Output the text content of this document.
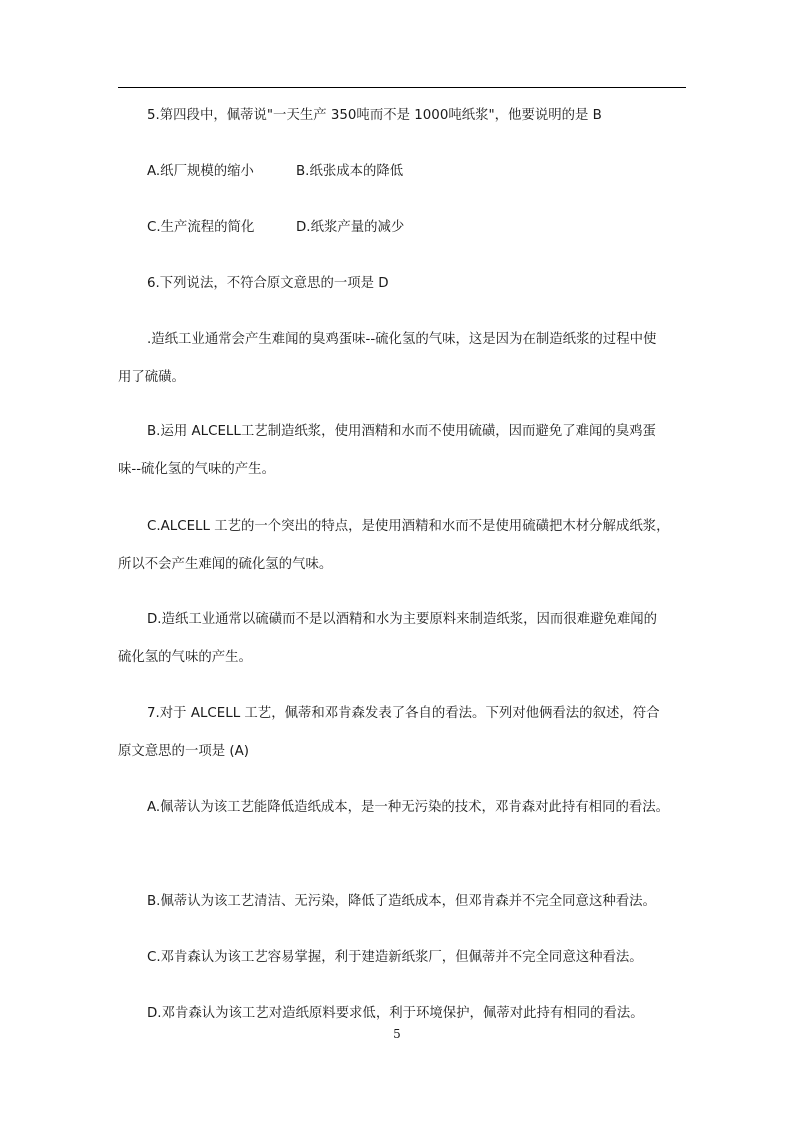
5.第四段中，佩蒂说"一天生产 350吨而不是 1000吨纸浆"，他要说明的是 B
A.纸厂规模的缩小	B.纸张成本的降低
C.生产流程的简化	D.纸浆产量的减少
6.下列说法，不符合原文意思的一项是 D
.造纸工业通常会产生难闻的臭鸡蛋味--硫化氢的气味，这是因为在制造纸浆的过程中使
用了硫磺。
B.运用 ALCELL工艺制造纸浆，使用酒精和水而不使用硫磺，因而避免了难闻的臭鸡蛋
味--硫化氢的气味的产生。
C.ALCELL 工艺的一个突出的特点，是使用酒精和水而不是使用硫磺把木材分解成纸浆，
所以不会产生难闻的硫化氢的气味。
D.造纸工业通常以硫磺而不是以酒精和水为主要原料来制造纸浆，因而很难避免难闻的
硫化氢的气味的产生。
7.对于 ALCELL 工艺，佩蒂和邓肯森发表了各自的看法。下列对他俩看法的叙述，符合
原文意思的一项是 (A)
A.佩蒂认为该工艺能降低造纸成本，是一种无污染的技术，邓肯森对此持有相同的看法。
B.佩蒂认为该工艺清洁、无污染，降低了造纸成本，但邓肯森并不完全同意这种看法。
C.邓肯森认为该工艺容易掌握，利于建造新纸浆厂，但佩蒂并不完全同意这种看法。
D.邓肯森认为该工艺对造纸原料要求低，利于环境保护，佩蒂对此持有相同的看法。
5
